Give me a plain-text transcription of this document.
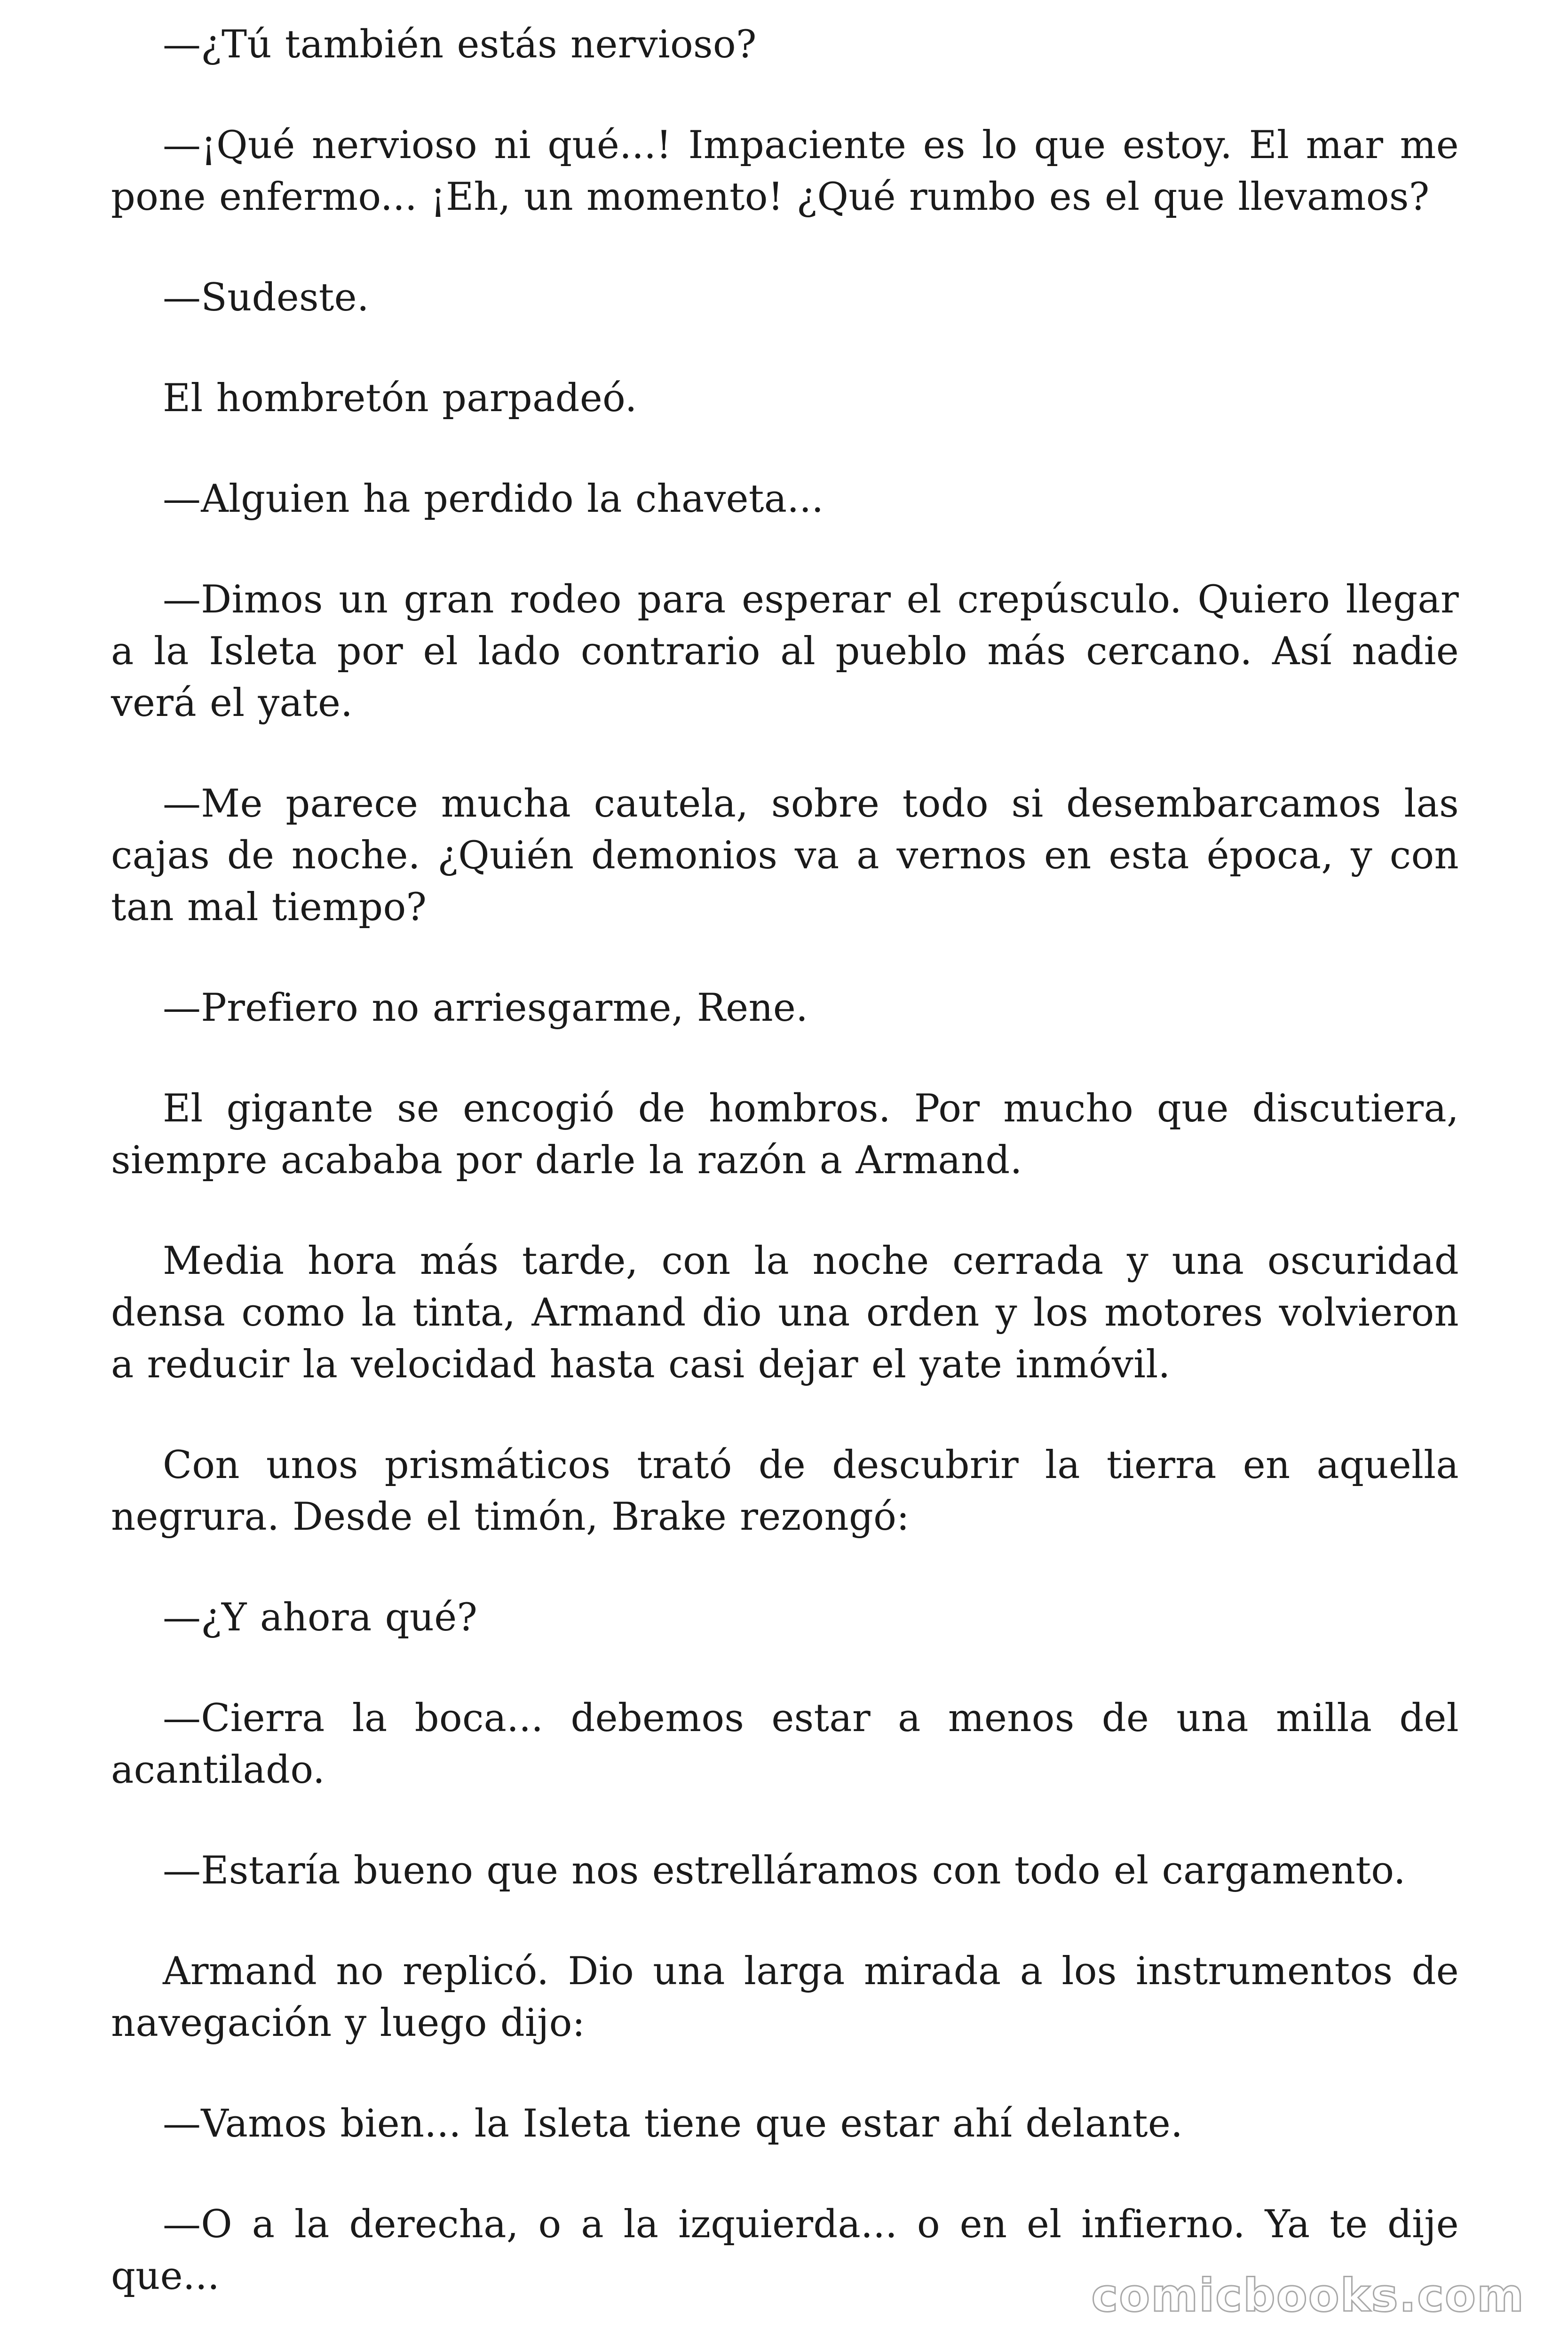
—¿Tú también estás nervioso?

—¡Qué nervioso ni qué...! Impaciente es lo que estoy. El mar me pone enfermo... ¡Eh, un momento! ¿Qué rumbo es el que llevamos?

—Sudeste.

El hombretón parpadeó.

—Alguien ha perdido la chaveta...

—Dimos un gran rodeo para esperar el crepúsculo. Quiero llegar a la Isleta por el lado contrario al pueblo más cercano. Así nadie verá el yate.

—Me parece mucha cautela, sobre todo si desembarcamos las cajas de noche. ¿Quién demonios va a vernos en esta época, y con tan mal tiempo?

—Prefiero no arriesgarme, Rene.

El gigante se encogió de hombros. Por mucho que discutiera, siempre acababa por darle la razón a Armand.

Media hora más tarde, con la noche cerrada y una oscuridad densa como la tinta, Armand dio una orden y los motores volvieron a reducir la velocidad hasta casi dejar el yate inmóvil.

Con unos prismáticos trató de descubrir la tierra en aquella negrura. Desde el timón, Brake rezongó:

—¿Y ahora qué?

—Cierra la boca... debemos estar a menos de una milla del acantilado.

—Estaría bueno que nos estrelláramos con todo el cargamento.

Armand no replicó. Dio una larga mirada a los instrumentos de navegación y luego dijo:

—Vamos bien... la Isleta tiene que estar ahí delante.

—O a la derecha, o a la izquierda... o en el infierno. Ya te dije que...	comicbooks.com
